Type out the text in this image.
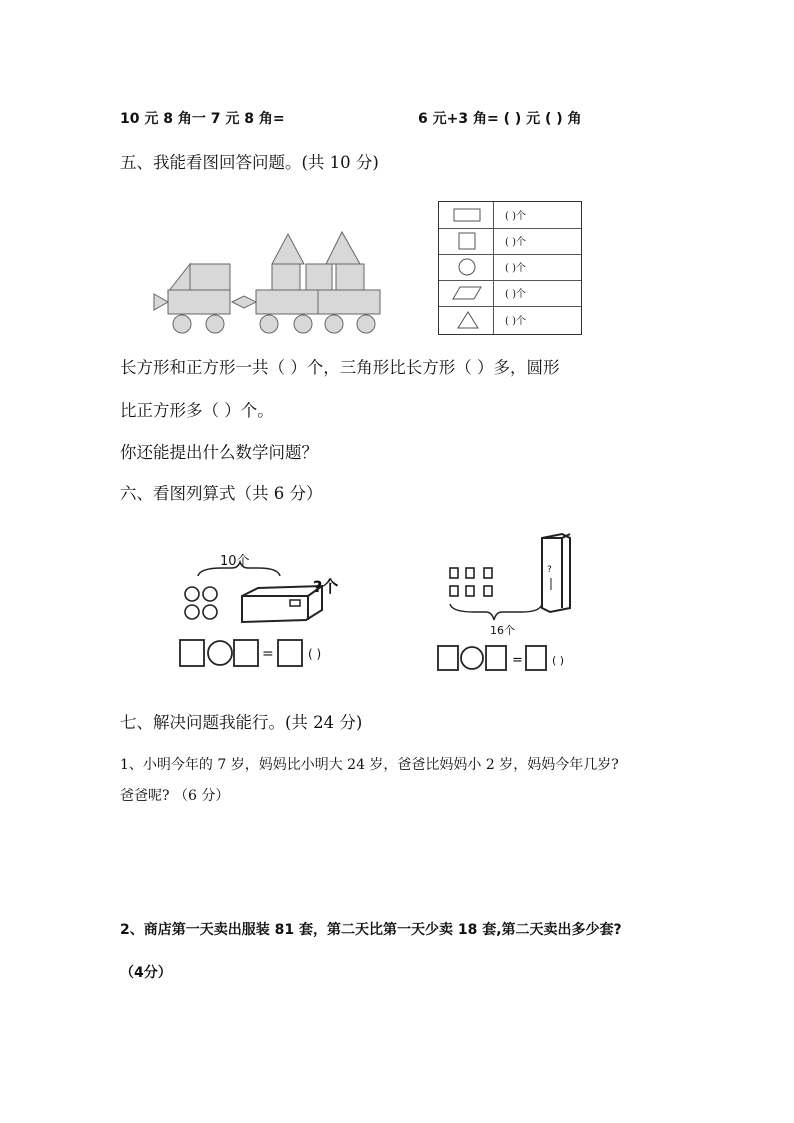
10 元 8 角一 7 元 8 角=	6 元+3 角= ( ) 元 ( ) 角
五、我能看图回答问题。(共 10 分)
( )个
( )个
( )个
( )个
( )个
长方形和正方形一共（ ）个，三角形比长方形（ ）多，圆形
比正方形多（ ）个。
你还能提出什么数学问题？
六、看图列算式（共 6 分）
10个
?个
=	( )
16个
?
=	( )
七、解决问题我能行。(共 24 分)
1、小明今年的 7 岁，妈妈比小明大 24 岁，爸爸比妈妈小 2 岁，妈妈今年几岁?
爸爸呢? （6 分）
2、商店第一天卖出服装 81 套，第二天比第一天少卖 18 套,第二天卖出多少套?
（4分）
